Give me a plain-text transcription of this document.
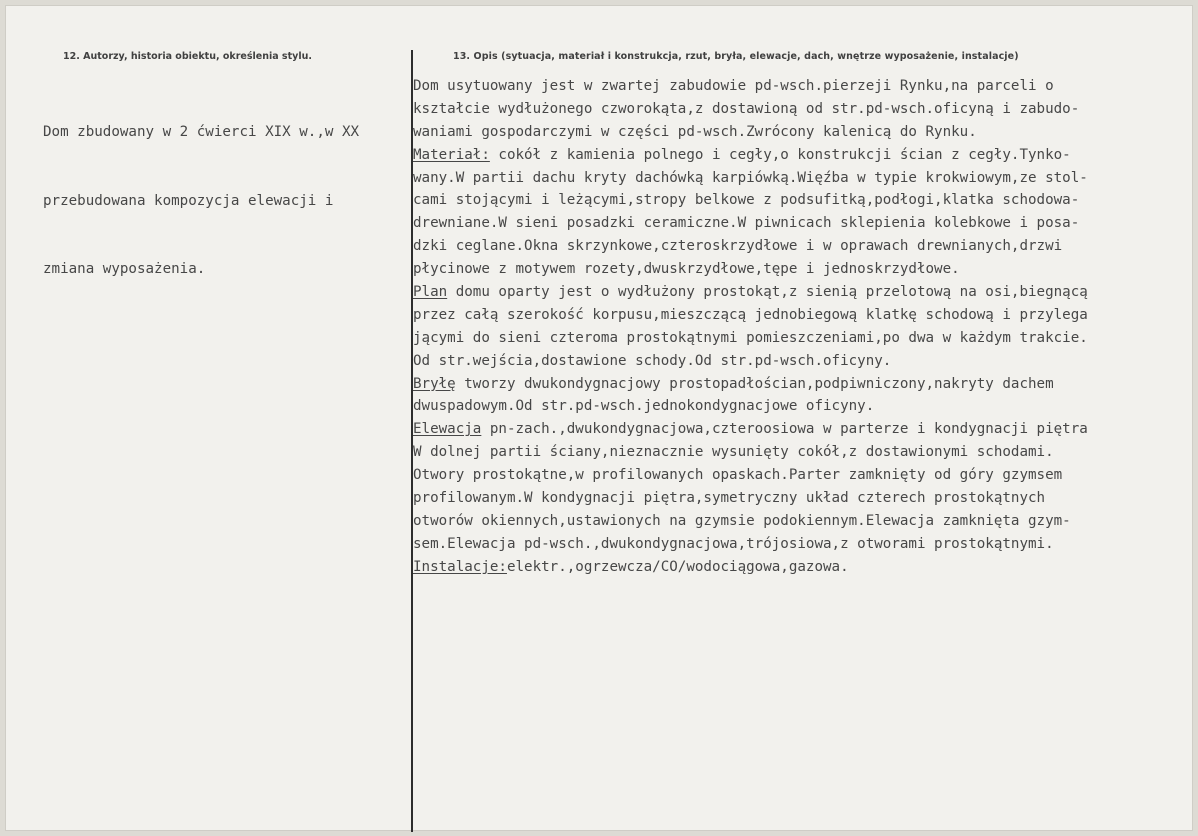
12. Autorzy, historia obiektu, określenia stylu.	13. Opis (sytuacja, materiał i konstrukcja, rzut, bryła, elewacje, dach, wnętrze wyposażenie, instalacje)

Dom zbudowany w 2 ćwierci XIX w.,w XX

przebudowana kompozycja elewacji i

zmiana wyposażenia.

Dom usytuowany jest w zwartej zabudowie pd-wsch.pierzeji Rynku,na parceli o
kształcie wydłużonego czworokąta,z dostawioną od str.pd-wsch.oficyną i zabudo-
waniami gospodarczymi w części pd-wsch.Zwrócony kalenicą do Rynku.
Materiał: cokół z kamienia polnego i cegły,o konstrukcji ścian z cegły.Tynko-
wany.W partii dachu kryty dachówką karpiówką.Więźba w typie krokwiowym,ze stol-
cami stojącymi i leżącymi,stropy belkowe z podsufitką,podłogi,klatka schodowa-
drewniane.W sieni posadzki ceramiczne.W piwnicach sklepienia kolebkowe i posa-
dzki ceglane.Okna skrzynkowe,czteroskrzydłowe i w oprawach drewnianych,drzwi
płycinowe z motywem rozety,dwuskrzydłowe,tępe i jednoskrzydłowe.
Plan domu oparty jest o wydłużony prostokąt,z sienią przelotową na osi,biegnącą
przez całą szerokość korpusu,mieszczącą jednobiegową klatkę schodową i przylega
jącymi do sieni czteroma prostokątnymi pomieszczeniami,po dwa w każdym trakcie.
Od str.wejścia,dostawione schody.Od str.pd-wsch.oficyny.
Bryłę tworzy dwukondygnacjowy prostopadłościan,podpiwniczony,nakryty dachem
dwuspadowym.Od str.pd-wsch.jednokondygnacjowe oficyny.
Elewacja pn-zach.,dwukondygnacjowa,czteroosiowa w parterze i kondygnacji piętra
W dolnej partii ściany,nieznacznie wysunięty cokół,z dostawionymi schodami.
Otwory prostokątne,w profilowanych opaskach.Parter zamknięty od góry gzymsem
profilowanym.W kondygnacji piętra,symetryczny układ czterech prostokątnych
otworów okiennych,ustawionych na gzymsie podokiennym.Elewacja zamknięta gzym-
sem.Elewacja pd-wsch.,dwukondygnacjowa,trójosiowa,z otworami prostokątnymi.
Instalacje:elektr.,ogrzewcza/CO/wodociągowa,gazowa.
